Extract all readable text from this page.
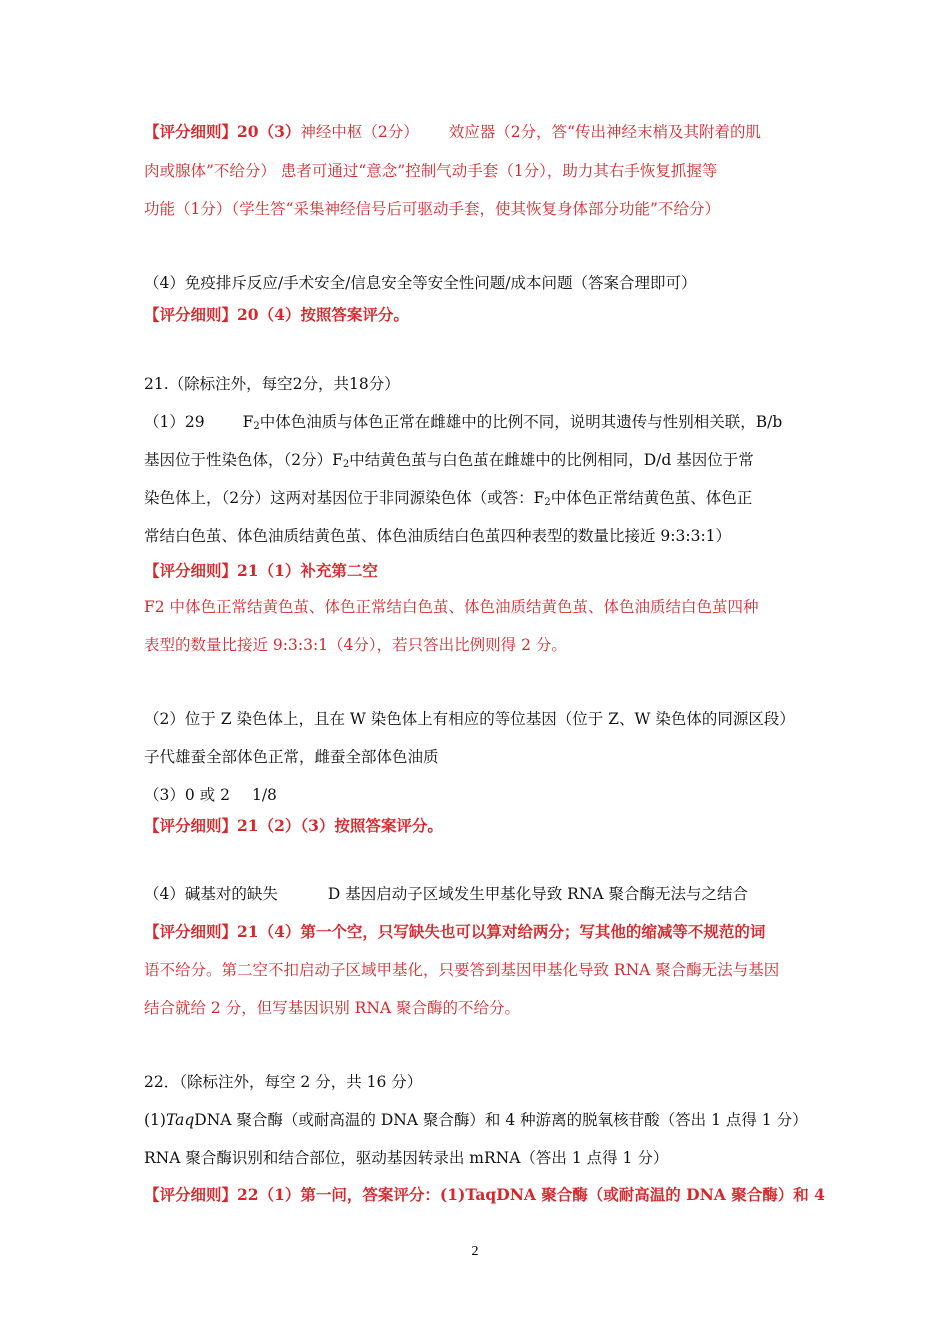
【评分细则】20（3）神经中枢（2分） 效应器（2分，答“传出神经末梢及其附着的肌
肉或腺体”不给分） 患者可通过“意念”控制气动手套（1分），助力其右手恢复抓握等
功能（1分）（学生答“采集神经信号后可驱动手套，使其恢复身体部分功能”不给分）
（4）免疫排斥反应/手术安全/信息安全等安全性问题/成本问题（答案合理即可）
【评分细则】20（4）按照答案评分。
21.（除标注外，每空2分，共18分）
（1）29 $F_2$中体色油质与体色正常在雌雄中的比例不同，说明其遗传与性别相关联，B/b
基因位于性染色体，（2分）$F_2$中结黄色茧与白色茧在雌雄中的比例相同，D/d 基因位于常
染色体上，（2分）这两对基因位于非同源染色体（或答：$F_2$中体色正常结黄色茧、体色正
常结白色茧、体色油质结黄色茧、体色油质结白色茧四种表型的数量比接近 9:3:3:1）
【评分细则】21（1）补充第二空
F2 中体色正常结黄色茧、体色正常结白色茧、体色油质结黄色茧、体色油质结白色茧四种
表型的数量比接近 9:3:3:1（4分），若只答出比例则得 2 分。
（2）位于 Z 染色体上，且在 W 染色体上有相应的等位基因（位于 Z、W 染色体的同源区段）
子代雄蚕全部体色正常，雌蚕全部体色油质
（3）0 或 2 1/8
【评分细则】21（2）（3）按照答案评分。
（4）碱基对的缺失	D 基因启动子区域发生甲基化导致 RNA 聚合酶无法与之结合
【评分细则】21（4）第一个空，只写缺失也可以算对给两分；写其他的缩减等不规范的词
语不给分。第二空不扣启动子区域甲基化，只要答到基因甲基化导致 RNA 聚合酶无法与基因
结合就给 2 分，但写基因识别 RNA 聚合酶的不给分。
22．（除标注外，每空 2 分，共 16 分）
(1)TaqDNA 聚合酶（或耐高温的 DNA 聚合酶）和 4 种游离的脱氧核苷酸（答出 1 点得 1 分）
RNA 聚合酶识别和结合部位，驱动基因转录出 mRNA（答出 1 点得 1 分）
【评分细则】22（1）第一问，答案评分：(1)TaqDNA 聚合酶（或耐高温的 DNA 聚合酶）和 4
2
